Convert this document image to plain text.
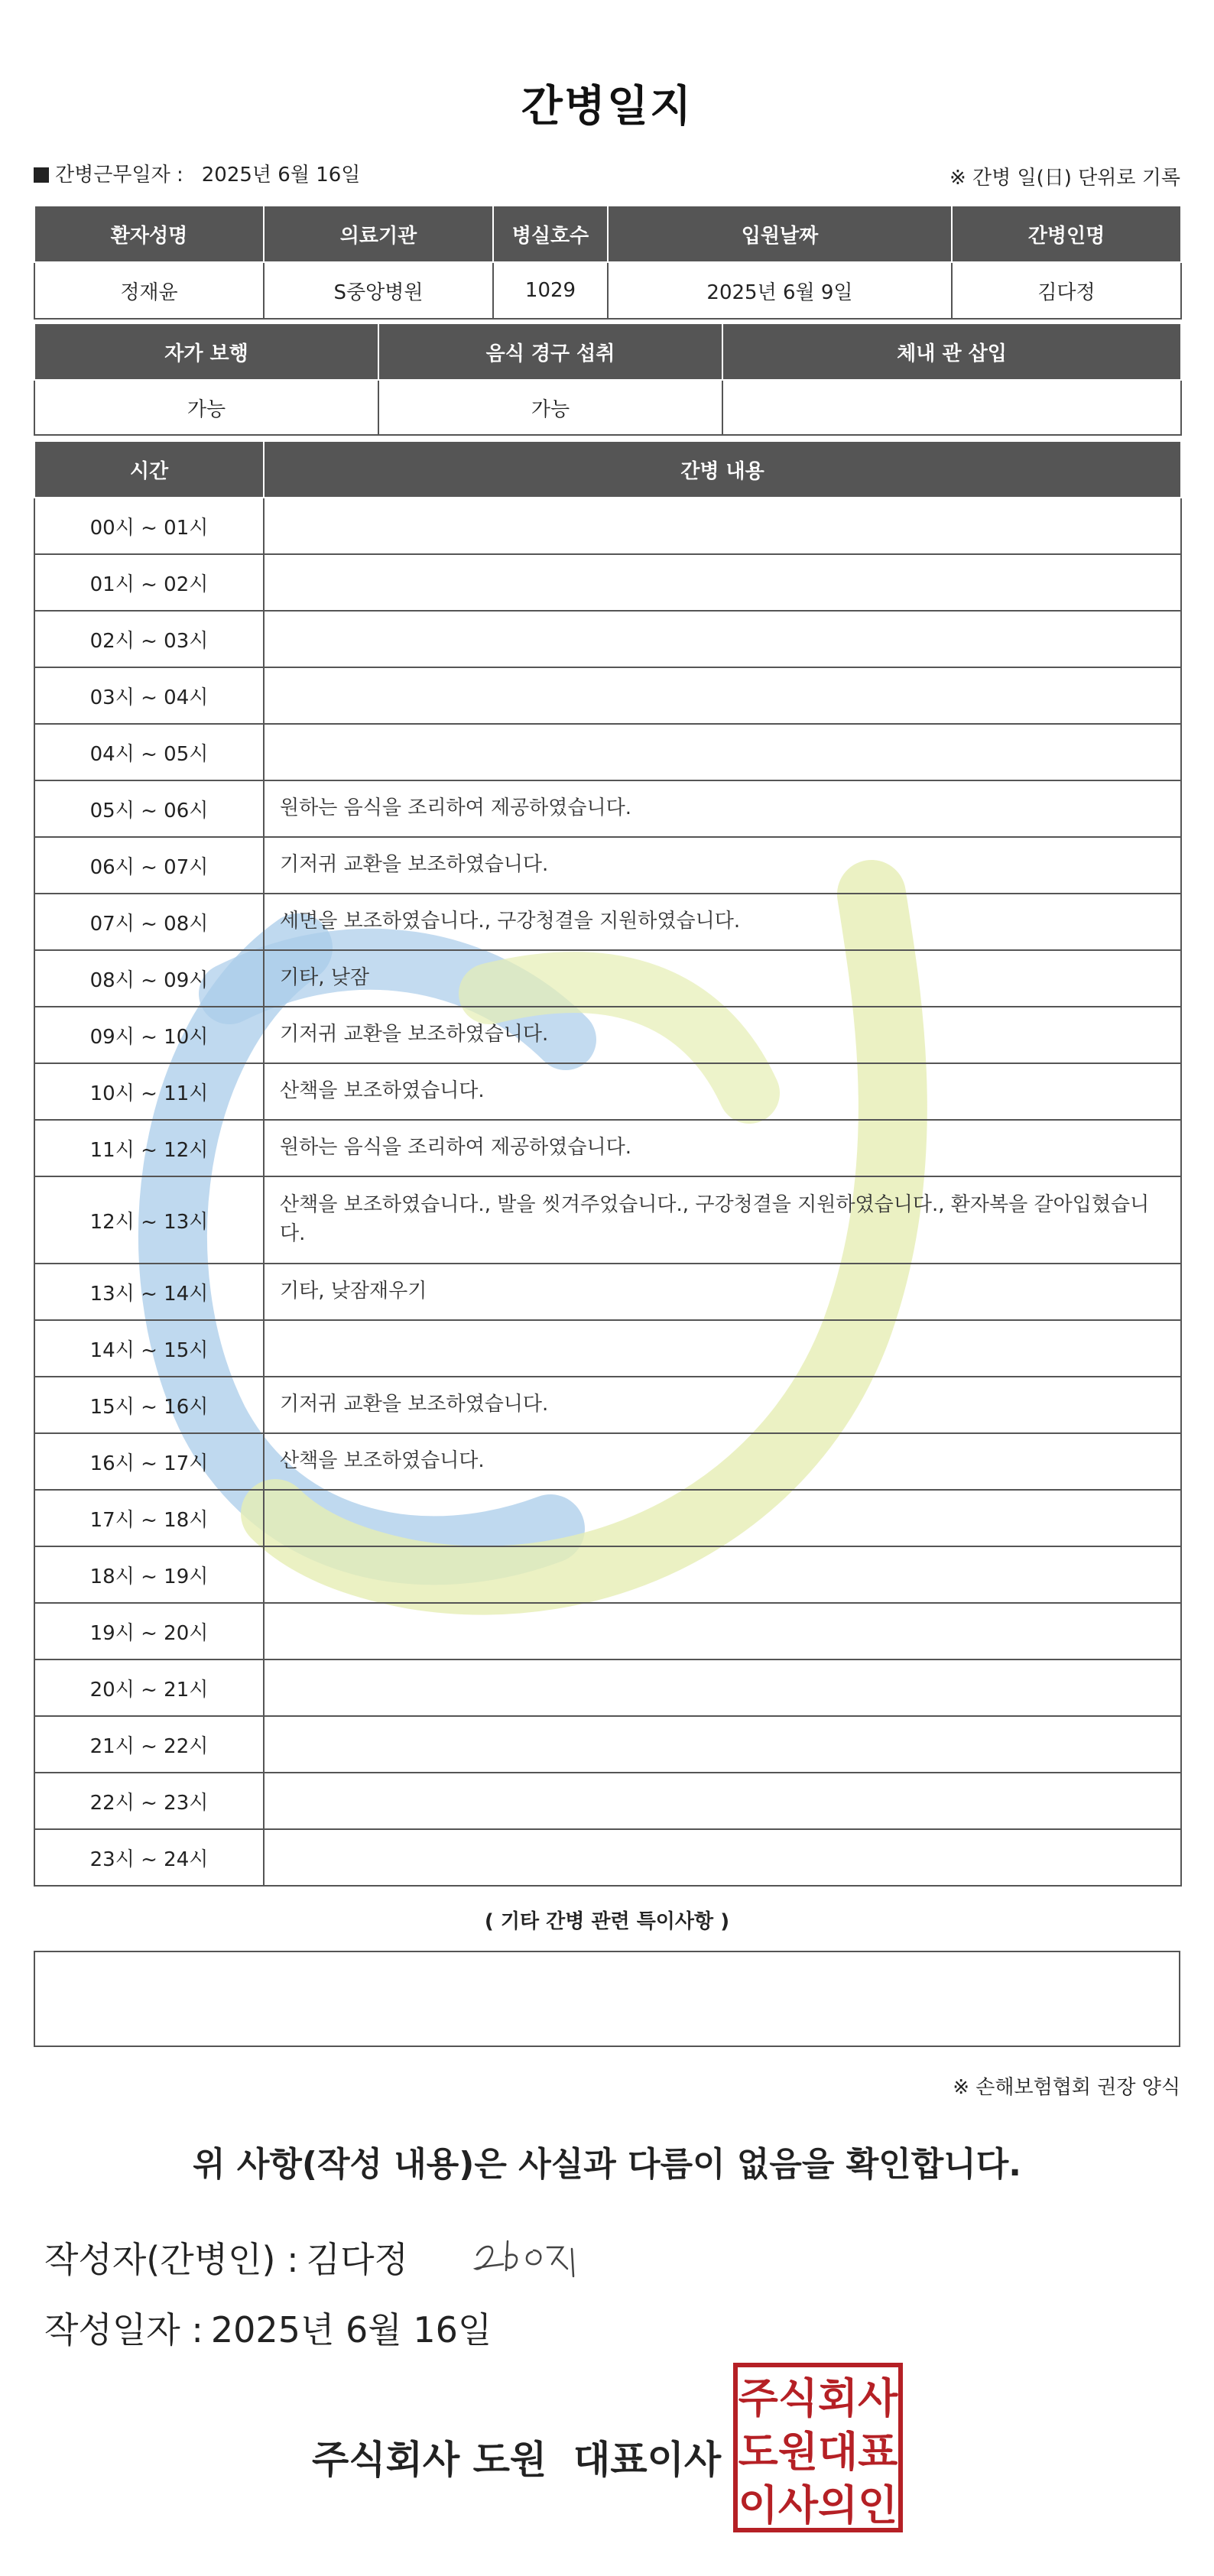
간병일지
간병근무일자 : 2025년 6월 16일	※ 간병 일(日) 단위로 기록
환자성명	의료기관	병실호수	입원날짜	간병인명
정재윤	S중앙병원	1029	2025년 6월 9일	김다정
자가 보행	음식 경구 섭취	체내 관 삽입
가능	가능	
시간	간병 내용
00시 ~ 01시	
01시 ~ 02시	
02시 ~ 03시	
03시 ~ 04시	
04시 ~ 05시	
05시 ~ 06시	원하는 음식을 조리하여 제공하였습니다.
06시 ~ 07시	기저귀 교환을 보조하였습니다.
07시 ~ 08시	세면을 보조하였습니다., 구강청결을 지원하였습니다.
08시 ~ 09시	기타, 낮잠
09시 ~ 10시	기저귀 교환을 보조하였습니다.
10시 ~ 11시	산책을 보조하였습니다.
11시 ~ 12시	원하는 음식을 조리하여 제공하였습니다.
12시 ~ 13시	산책을 보조하였습니다., 발을 씻겨주었습니다., 구강청결을 지원하였습니다., 환자복을 갈아입혔습니다.
13시 ~ 14시	기타, 낮잠재우기
14시 ~ 15시	
15시 ~ 16시	기저귀 교환을 보조하였습니다.
16시 ~ 17시	산책을 보조하였습니다.
17시 ~ 18시	
18시 ~ 19시	
19시 ~ 20시	
20시 ~ 21시	
21시 ~ 22시	
22시 ~ 23시	
23시 ~ 24시	
( 기타 간병 관련 특이사항 )
※ 손해보험협회 권장 양식
위 사항(작성 내용)은 사실과 다름이 없음을 확인합니다.
작성자(간병인) : 김다정
작성일자 : 2025년 6월 16일
주식회사 도원  대표이사
주식회사
도원대표
이사의인
